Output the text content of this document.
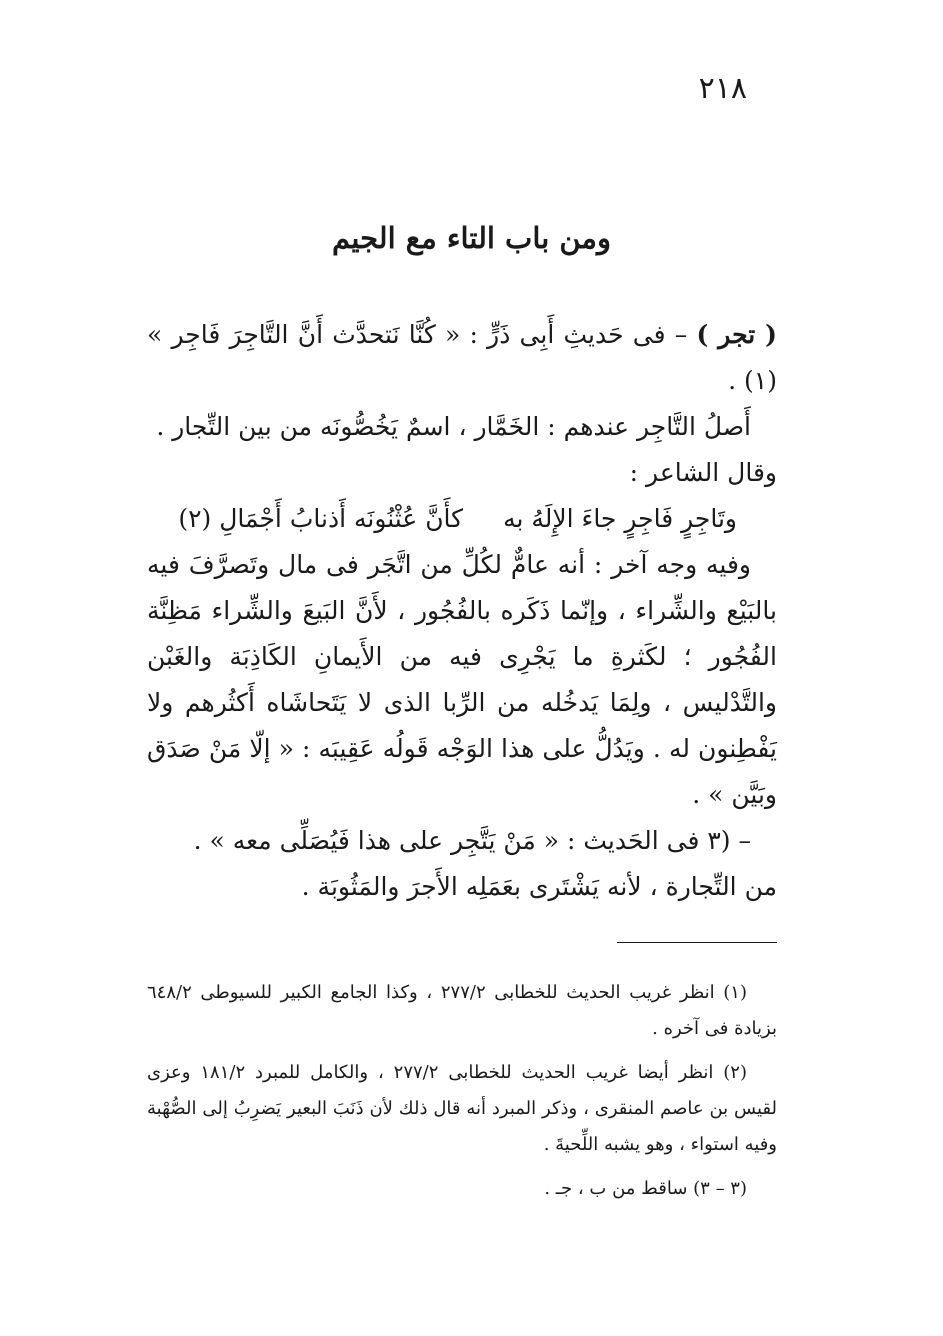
٢١٨
ومن باب التاء مع الجيم

( تجر ) – فى حَديثِ أَبِى ذَرٍّ : « كُنَّا نَتحدَّث أَنَّ التَّاجِرَ فَاجِر » (١) .

أَصلُ التَّاجِر عندهم : الخَمَّار ، اسمٌ يَخُصُّونَه من بين التِّجار .

وقال الشاعر :

وتَاجِرٍ فَاجِرٍ جاءَ الإِلَهُ بهكأَنَّ عُثْنُونَه أَذنابُ أَجْمَالِ (٢)

وفيه وجه آخر : أنه عامٌّ لكُلِّ من اتَّجَر فى مال وتَصرَّفَ فيه بالبَيْع والشِّراء ، وإنّما ذَكَره بالفُجُور ، لأَنَّ البَيعَ والشِّراء مَظِنَّة الفُجُور ؛ لكَثرةِ ما يَجْرِى فيه من الأَيمانِ الكَاذِبَة والغَبْن والتَّدْليس ، ولِمَا يَدخُله من الرِّبا الذى لا يَتَحاشَاه أَكثُرهم ولا يَفْطِنون له . ويَدُلُّ على هذا الوَجْه قَولُه عَقِيبَه : « إلّا مَنْ صَدَق وبَيَّن » .

– (٣ فى الحَديث : « مَنْ يَتَّجِر على هذا فَيُصَلِّى معه » .

من التِّجارة ، لأنه يَشْتَرى بعَمَلِه الأَجرَ والمَثُوبَة .

(١) انظر غريب الحديث للخطابى ٢٧٧/٢ ، وكذا الجامع الكبير للسيوطى ٦٤٨/٢ بزيادة فى آخره .

(٢) انظر أيضا غريب الحديث للخطابى ٢٧٧/٢ ، والكامل للمبرد ١٨١/٢ وعزى لقيس بن عاصم المنقرى ، وذكر المبرد أنه قال ذلك لأن ذَنَبَ البعير يَضرِبُ إلى الصُّهْبة وفيه استواء ، وهو يشبه اللِّحيةَ .

(٣ – ٣) ساقط من ب ، جـ .
